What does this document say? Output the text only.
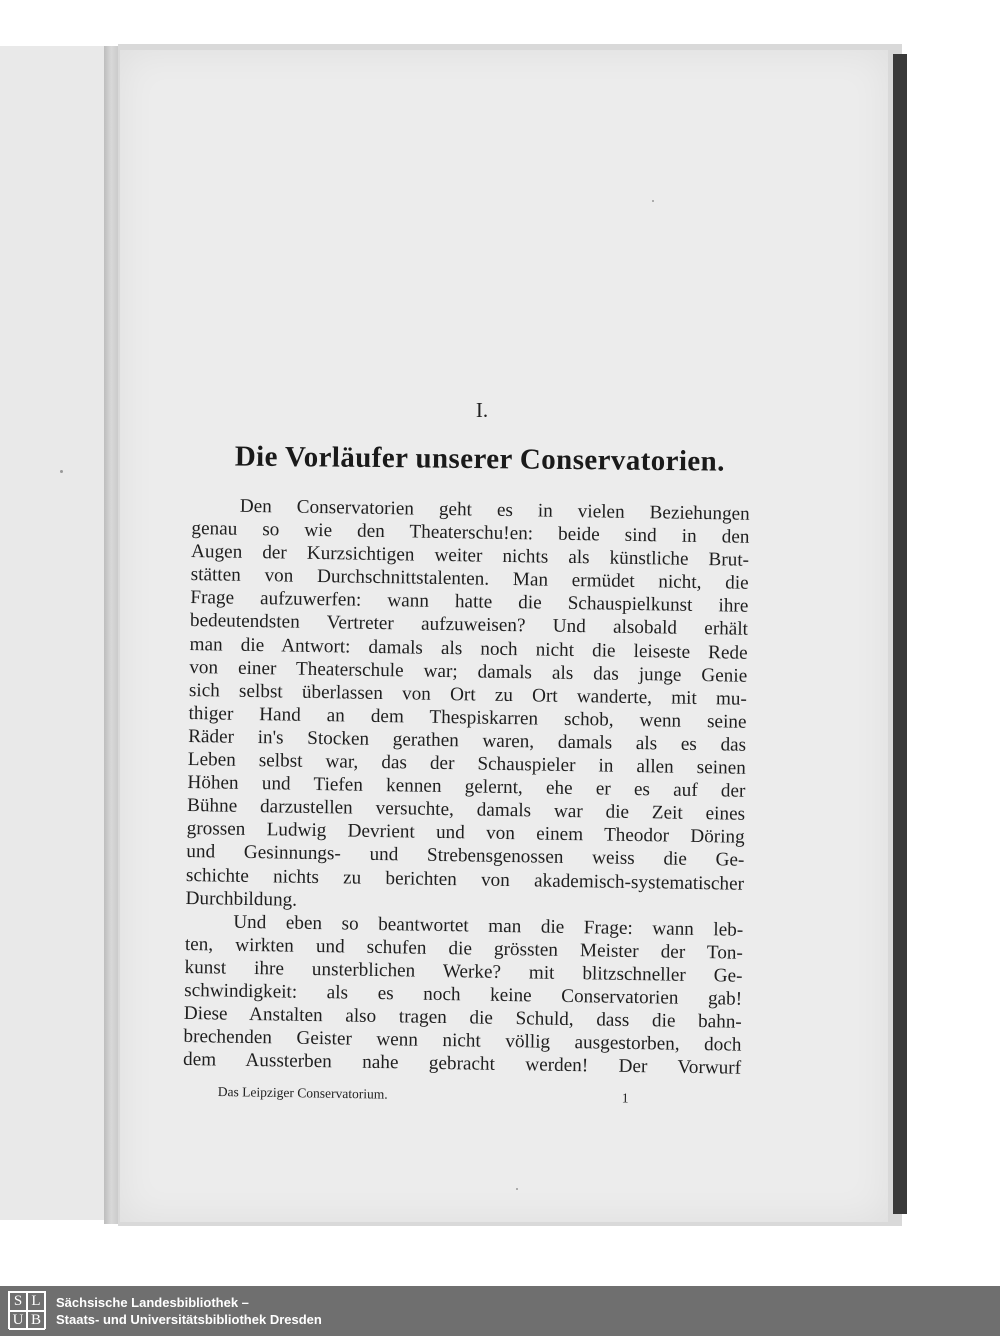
I.
Die Vorläufer unserer Conservatorien.
Den Conservatorien geht es in vielen Beziehungen
genau so wie den Theaterschu!en: beide sind in den
Augen der Kurzsichtigen weiter nichts als künstliche Brut-
stätten von Durchschnittstalenten. Man ermüdet nicht, die
Frage aufzuwerfen: wann hatte die Schauspielkunst ihre
bedeutendsten Vertreter aufzuweisen? Und alsobald erhält
man die Antwort: damals als noch nicht die leiseste Rede
von einer Theaterschule war; damals als das junge Genie
sich selbst überlassen von Ort zu Ort wanderte, mit mu-
thiger Hand an dem Thespiskarren schob, wenn seine
Räder in's Stocken gerathen waren, damals als es das
Leben selbst war, das der Schauspieler in allen seinen
Höhen und Tiefen kennen gelernt, ehe er es auf der
Bühne darzustellen versuchte, damals war die Zeit eines
grossen Ludwig Devrient und von einem Theodor Döring
und Gesinnungs- und Strebensgenossen weiss die Ge-
schichte nichts zu berichten von akademisch-systematischer
Durchbildung.
Und eben so beantwortet man die Frage: wann leb-
ten, wirkten und schufen die grössten Meister der Ton-
kunst ihre unsterblichen Werke? mit blitzschneller Ge-
schwindigkeit: als es noch keine Conservatorien gab!
Diese Anstalten also tragen die Schuld, dass die bahn-
brechenden Geister wenn nicht völlig ausgestorben, doch
dem Aussterben nahe gebracht werden! Der Vorwurf
Das Leipziger Conservatorium.	1
S L
U B
Sächsische Landesbibliothek –
Staats- und Universitätsbibliothek Dresden
